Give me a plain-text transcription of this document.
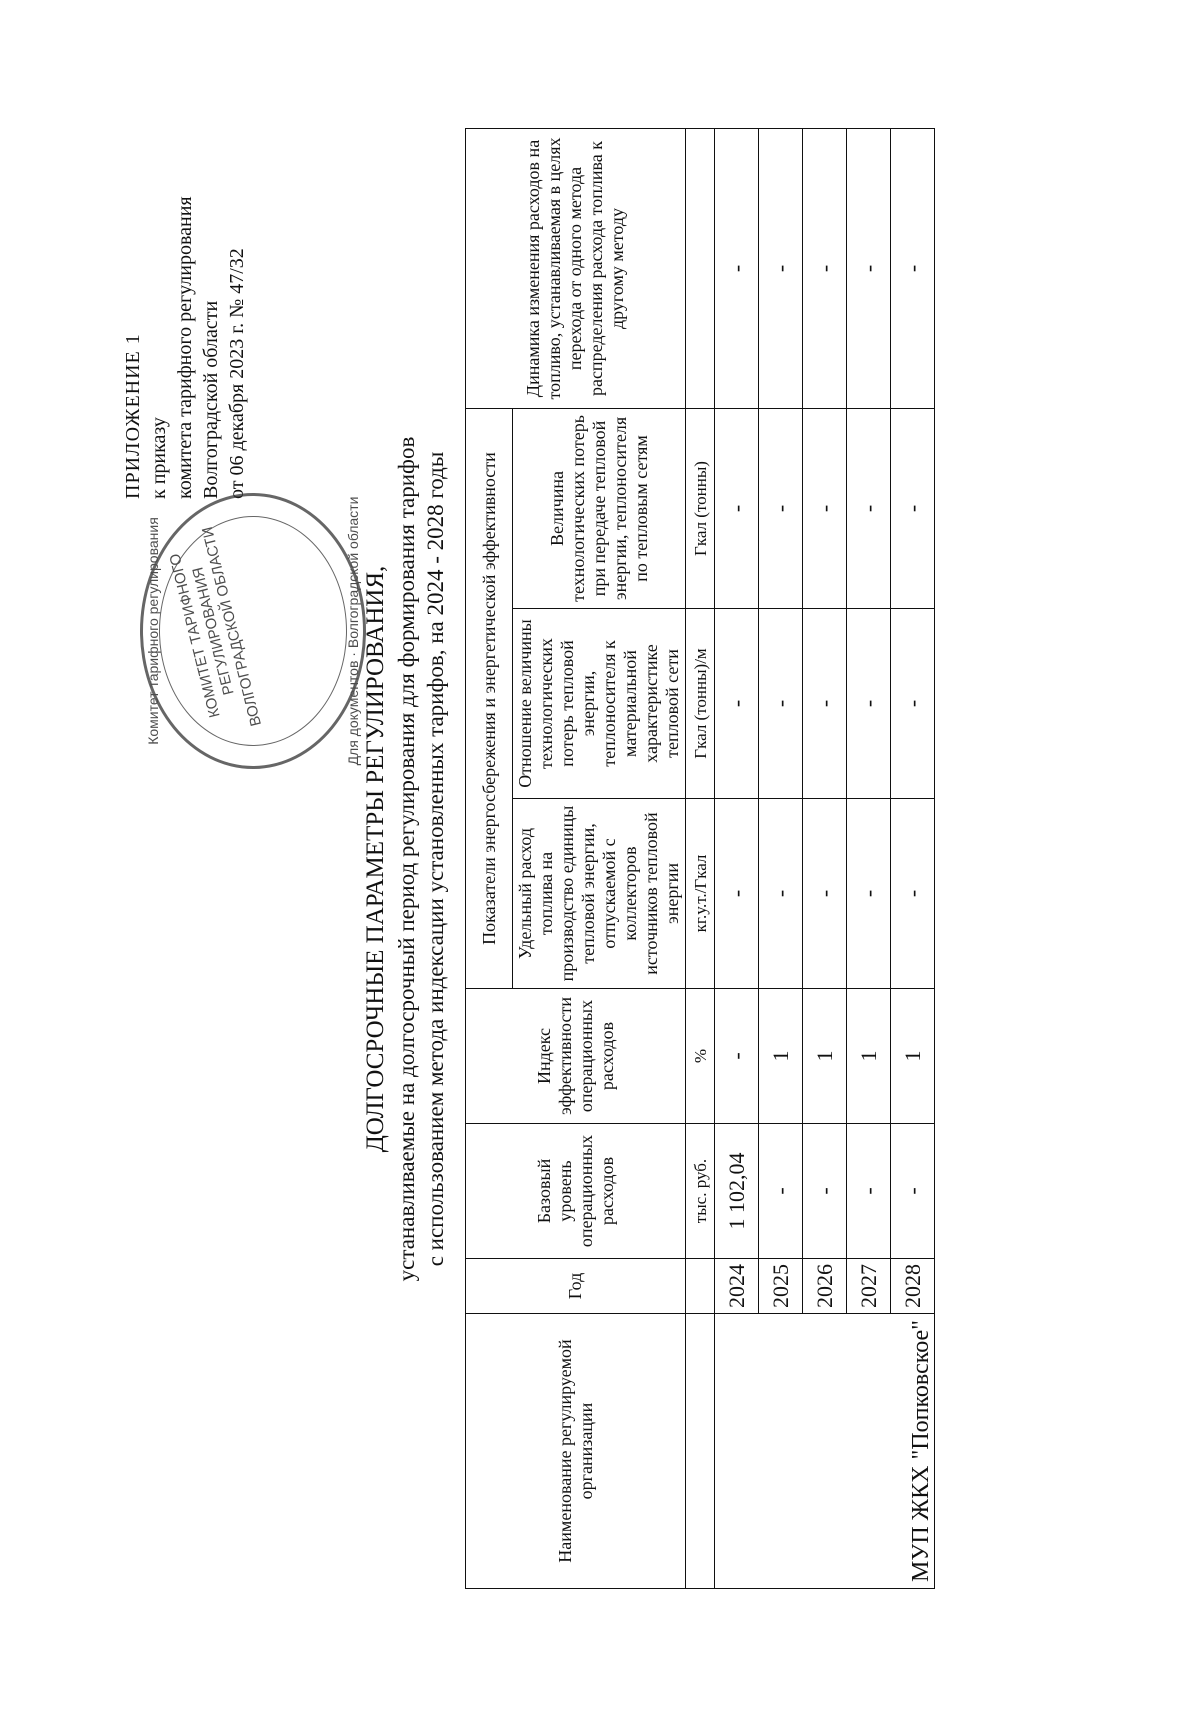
ПРИЛОЖЕНИЕ 1 к приказу комитета тарифного регулирования Волгоградской области от 06 декабря 2023 г. № 47/32
Комитет тарифного регулирования КОМИТЕТ ТАРИФНОГО РЕГУЛИРОВАНИЯ ВОЛГОГРАДСКОЙ ОБЛАСТИ	Для документов · Волгоградской области ДОЛГОСРОЧНЫЕ ПАРАМЕТРЫ РЕГУЛИРОВАНИЯ, устанавливаемые на долгосрочный период регулирования для формирования тарифов с использованием метода индексации установленных тарифов, на 2024 - 2028 годы
Наименование регулируемой организации	Год	Базовый уровень операционных расходов	Индекс эффективности операционных расходов	Показатели энергосбережения и энергетической эффективности			Динамика изменения расходов на топливо, устанавливаемая в целях перехода от одного метода распределения расхода топлива к другому методу
				Удельный расход топлива на производство единицы тепловой энергии, отпускаемой с коллекторов источников тепловой энергии	Отношение величины технологических потерь тепловой энергии, теплоносителя к материальной характеристике тепловой сети	Величина технологических потерь при передаче тепловой энергии, теплоносителя по тепловым сетям	
		тыс. руб.	%	кг.у.т./Гкал	Гкал (тонны)/м	Гкал (тонны)	
МУП ЖКХ "Попковское"	2024	1 102,04	-	-	-	-	-
	2025	-	1	-	-	-	-
	2026	-	1	-	-	-	-
	2027	-	1	-	-	-	-
	2028	-	1	-	-	-	-
